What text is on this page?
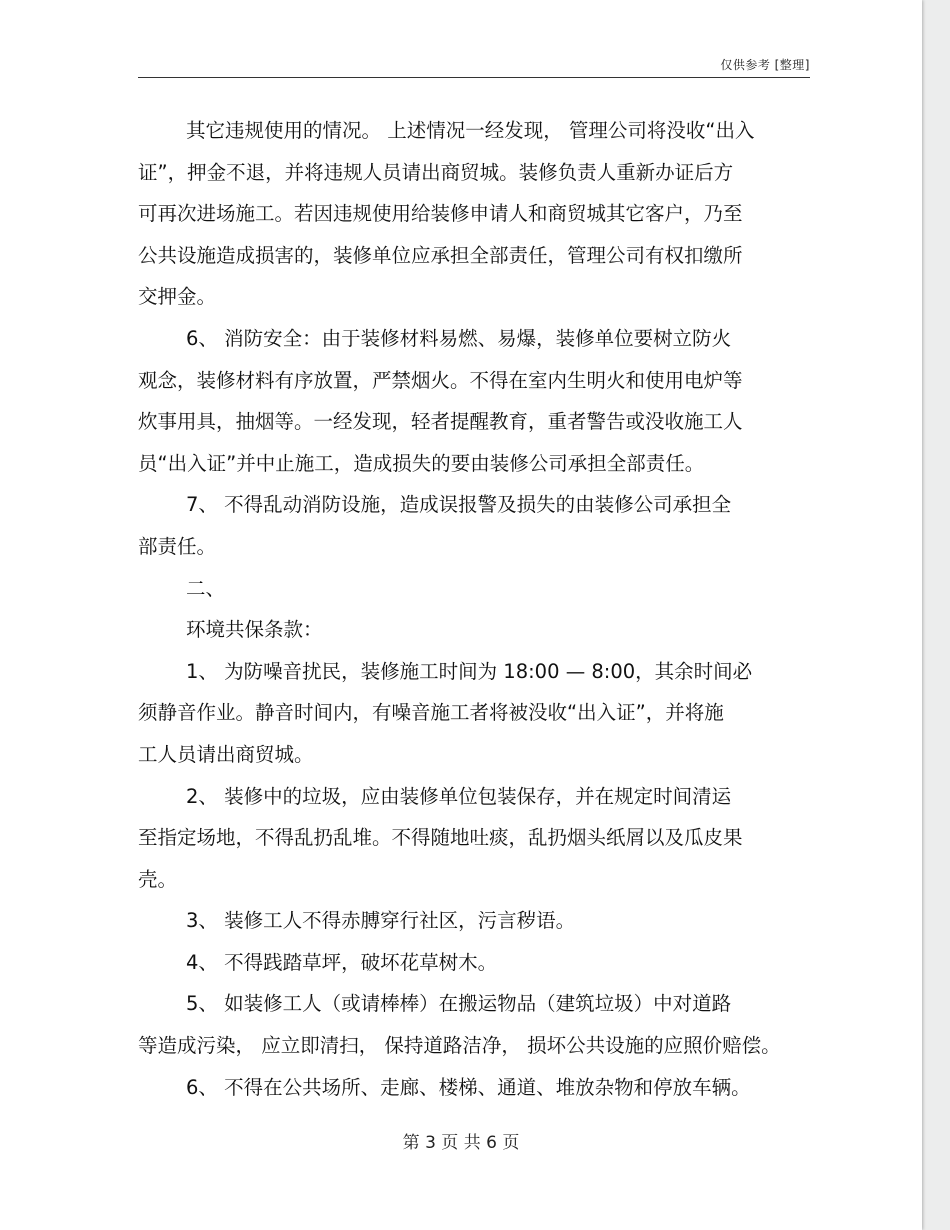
仅供参考 [整理]

其它违规使用的情况。 上述情况一经发现， 管理公司将没收“出入

证”，押金不退，并将违规人员请出商贸城。装修负责人重新办证后方

可再次进场施工。若因违规使用给装修申请人和商贸城其它客户，乃至

公共设施造成损害的，装修单位应承担全部责任，管理公司有权扣缴所

交押金。

6、 消防安全：由于装修材料易燃、易爆，装修单位要树立防火

观念，装修材料有序放置，严禁烟火。不得在室内生明火和使用电炉等

炊事用具，抽烟等。一经发现，轻者提醒教育，重者警告或没收施工人

员“出入证”并中止施工，造成损失的要由装修公司承担全部责任。

7、 不得乱动消防设施，造成误报警及损失的由装修公司承担全

部责任。

二、

环境共保条款：

1、 为防噪音扰民，装修施工时间为 18:00 — 8:00，其余时间必

须静音作业。静音时间内，有噪音施工者将被没收“出入证”，并将施

工人员请出商贸城。

2、 装修中的垃圾，应由装修单位包装保存，并在规定时间清运

至指定场地，不得乱扔乱堆。不得随地吐痰，乱扔烟头纸屑以及瓜皮果

壳。

3、 装修工人不得赤膊穿行社区，污言秽语。

4、 不得践踏草坪，破坏花草树木。

5、 如装修工人（或请棒棒）在搬运物品（建筑垃圾）中对道路

等造成污染， 应立即清扫， 保持道路洁净， 损坏公共设施的应照价赔偿。

6、 不得在公共场所、走廊、楼梯、通道、堆放杂物和停放车辆。

第 3 页 共 6 页
